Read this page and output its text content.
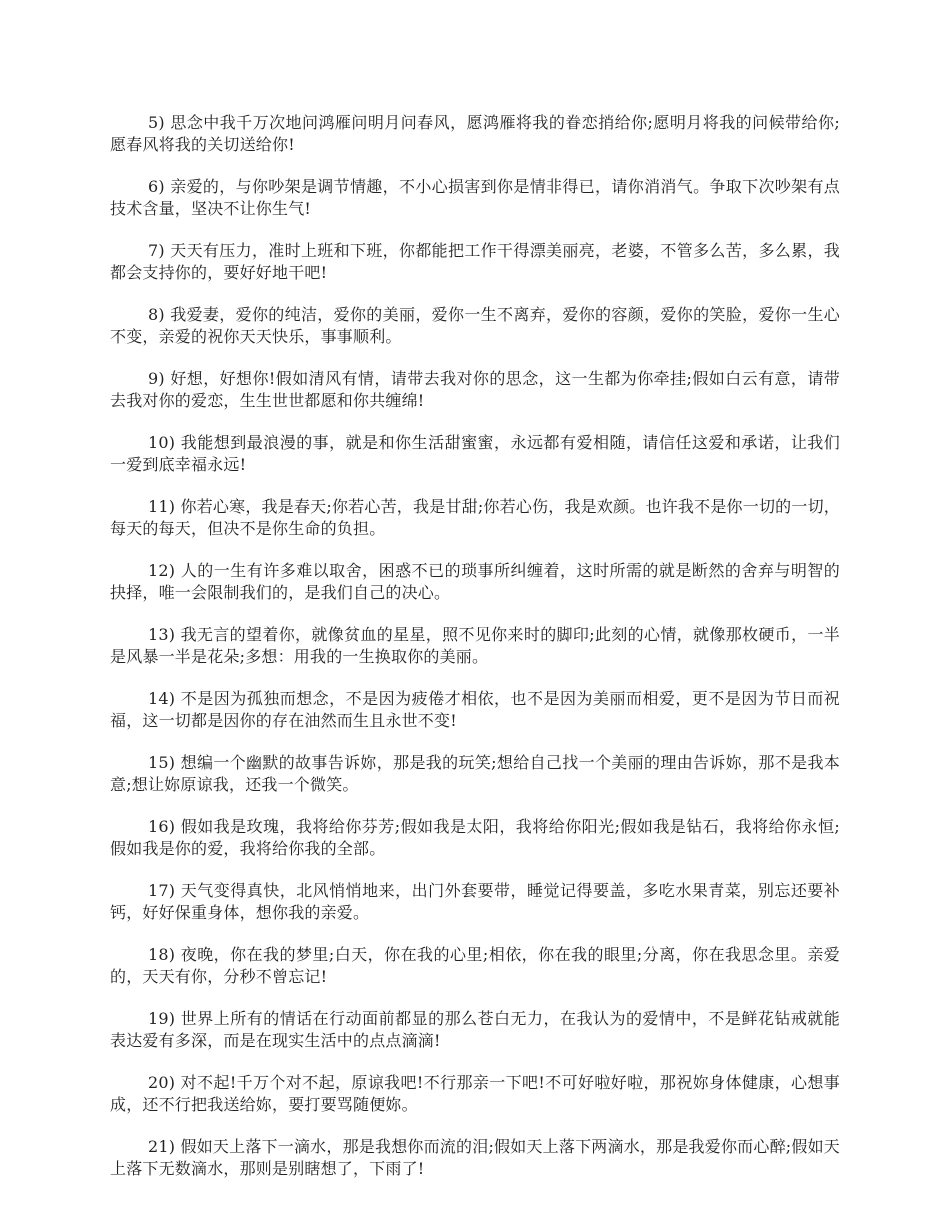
5) 思念中我千万次地问鸿雁问明月问春风，愿鸿雁将我的眷恋捎给你;愿明月将我的问候带给你;愿春风将我的关切送给你!

6) 亲爱的，与你吵架是调节情趣，不小心损害到你是情非得已，请你消消气。争取下次吵架有点技术含量，坚决不让你生气!

7) 天天有压力，准时上班和下班，你都能把工作干得漂美丽亮，老婆，不管多么苦，多么累，我都会支持你的，要好好地干吧!

8) 我爱妻，爱你的纯洁，爱你的美丽，爱你一生不离弃，爱你的容颜，爱你的笑脸，爱你一生心不变，亲爱的祝你天天快乐，事事顺利。

9) 好想，好想你!假如清风有情，请带去我对你的思念，这一生都为你牵挂;假如白云有意，请带去我对你的爱恋，生生世世都愿和你共缠绵!

10) 我能想到最浪漫的事，就是和你生活甜蜜蜜，永远都有爱相随，请信任这爱和承诺，让我们一爱到底幸福永远!

11) 你若心寒，我是春天;你若心苦，我是甘甜;你若心伤，我是欢颜。也许我不是你一切的一切，每天的每天，但决不是你生命的负担。

12) 人的一生有许多难以取舍，困惑不已的琐事所纠缠着，这时所需的就是断然的舍弃与明智的抉择，唯一会限制我们的，是我们自己的决心。

13) 我无言的望着你，就像贫血的星星，照不见你来时的脚印;此刻的心情，就像那枚硬币，一半是风暴一半是花朵;多想：用我的一生换取你的美丽。

14) 不是因为孤独而想念，不是因为疲倦才相依，也不是因为美丽而相爱，更不是因为节日而祝福，这一切都是因你的存在油然而生且永世不变!

15) 想编一个幽默的故事告诉妳，那是我的玩笑;想给自己找一个美丽的理由告诉妳，那不是我本意;想让妳原谅我，还我一个微笑。

16) 假如我是玫瑰，我将给你芬芳;假如我是太阳，我将给你阳光;假如我是钻石，我将给你永恒;假如我是你的爱，我将给你我的全部。

17) 天气变得真快，北风悄悄地来，出门外套要带，睡觉记得要盖，多吃水果青菜，别忘还要补钙，好好保重身体，想你我的亲爱。

18) 夜晚，你在我的梦里;白天，你在我的心里;相依，你在我的眼里;分离，你在我思念里。亲爱的，天天有你，分秒不曾忘记!

19) 世界上所有的情话在行动面前都显的那么苍白无力，在我认为的爱情中，不是鲜花钻戒就能表达爱有多深，而是在现实生活中的点点滴滴!

20) 对不起!千万个对不起，原谅我吧!不行那亲一下吧!不可好啦好啦，那祝妳身体健康，心想事成，还不行把我送给妳，要打要骂随便妳。

21) 假如天上落下一滴水，那是我想你而流的泪;假如天上落下两滴水，那是我爱你而心醉;假如天上落下无数滴水，那则是别瞎想了，下雨了!
